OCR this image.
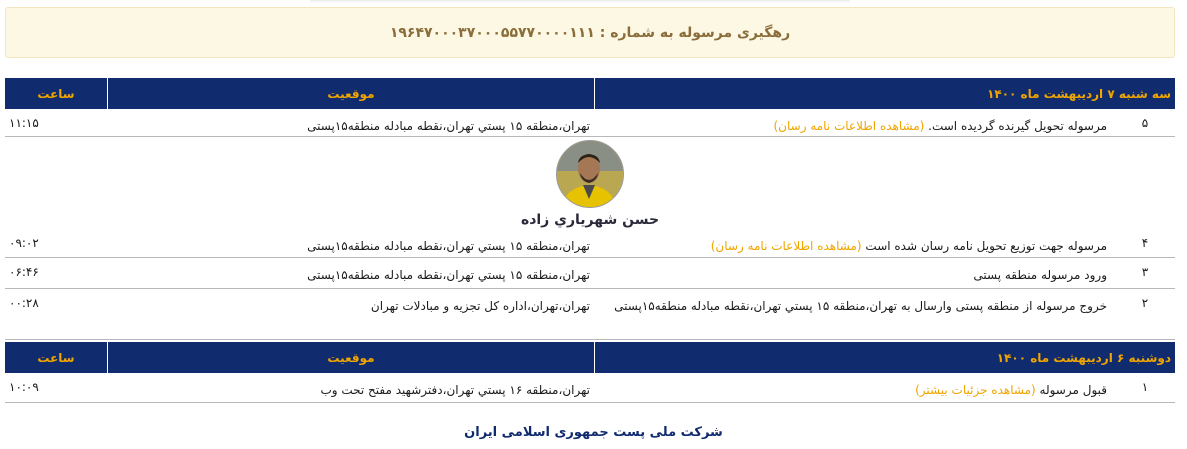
رهگیری مرسوله به شماره : ۱۹۶۴۷۰۰۰۳۷۰۰۰۵۵۷۷۰۰۰۰۱۱۱
سه شنبه ۷ ارديبهشت ماه ۱۴۰۰
موقعیت
ساعت
۵
مرسوله تحويل گيرنده گرديده است. (مشاهده اطلاعات نامه رسان)
تهران،منطقه ۱۵ پستي تهران،نقطه مبادله منطقه۱۵پستی
۱۱:۱۵
حسن شهرياري زاده
۴
مرسوله جهت توزيع تحويل نامه رسان شده است (مشاهده اطلاعات نامه رسان)
تهران،منطقه ۱۵ پستي تهران،نقطه مبادله منطقه۱۵پستی
۰۹:۰۲
۳
ورود مرسوله منطقه پستی
تهران،منطقه ۱۵ پستي تهران،نقطه مبادله منطقه۱۵پستی
۰۶:۴۶
۲
خروج مرسوله از منطقه پستی وارسال به تهران،منطقه ۱۵ پستي تهران،نقطه مبادله منطقه۱۵پستی
تهران،تهران،اداره کل تجزيه و مبادلات تهران
۰۰:۲۸
دوشنبه ۶ ارديبهشت ماه ۱۴۰۰
موقعیت
ساعت
۱
قبول مرسوله (مشاهده جزئیات بیشتر)
تهران،منطقه ۱۶ پستي تهران،دفترشهيد مفتح تحت وب
۱۰:۰۹
شرکت ملی پست جمهوری اسلامی ایران
